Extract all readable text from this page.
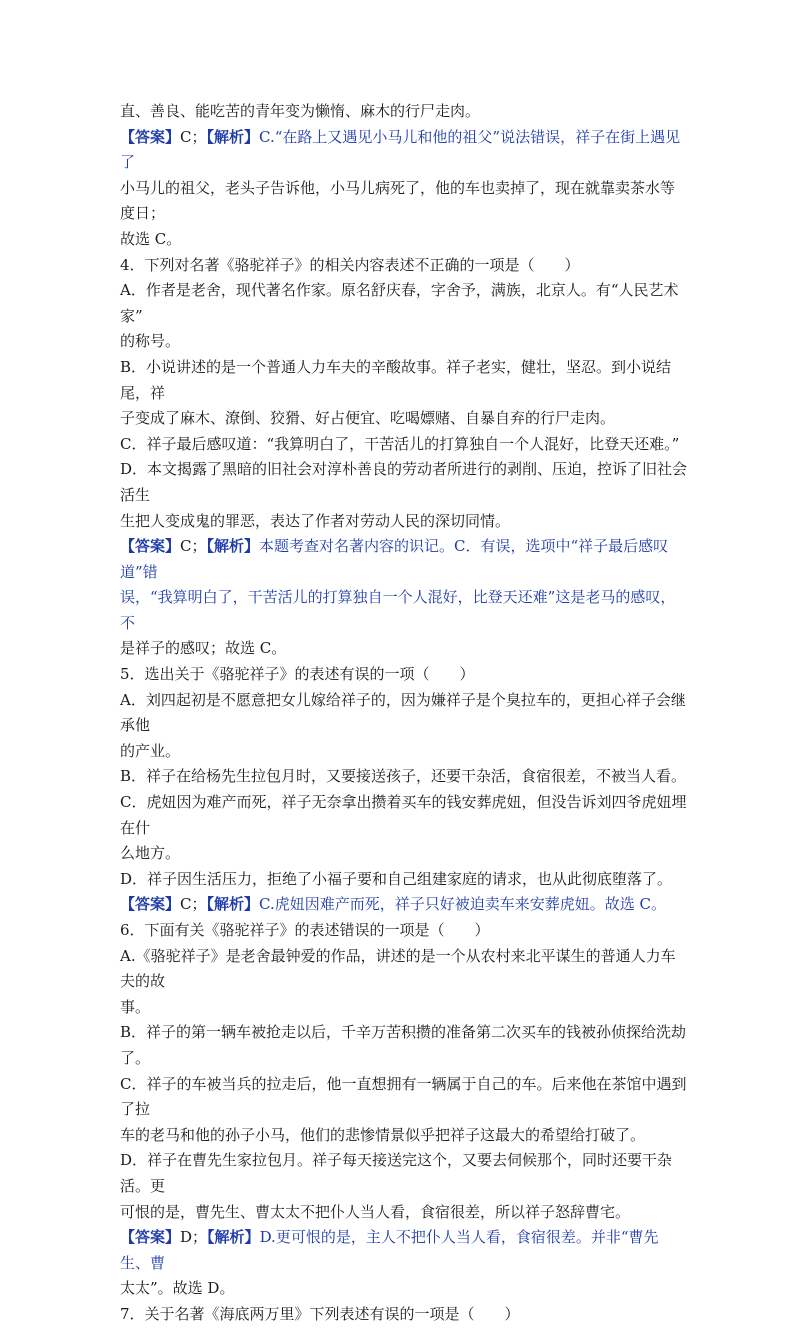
直、善良、能吃苦的青年变为懒惰、麻木的行尸走肉。
【答案】C；【解析】C.“在路上又遇见小马儿和他的祖父”说法错误，祥子在街上遇见了
小马儿的祖父，老头子告诉他，小马儿病死了，他的车也卖掉了，现在就靠卖茶水等度日；
故选 C。
4．下列对名著《骆驼祥子》的相关内容表述不正确的一项是（　　）
A．作者是老舍，现代著名作家。原名舒庆春，字舍予，满族，北京人。有“人民艺术家”
的称号。
B．小说讲述的是一个普通人力车夫的辛酸故事。祥子老实，健壮，坚忍。到小说结尾，祥
子变成了麻木、潦倒、狡猾、好占便宜、吃喝嫖赌、自暴自弃的行尸走肉。
C．祥子最后感叹道：“我算明白了，干苦活儿的打算独自一个人混好，比登天还难。”
D．本文揭露了黑暗的旧社会对淳朴善良的劳动者所进行的剥削、压迫，控诉了旧社会活生
生把人变成鬼的罪恶，表达了作者对劳动人民的深切同情。
【答案】C；【解析】本题考查对名著内容的识记。C．有误，选项中“祥子最后感叹道”错
误，“我算明白了，干苦活儿的打算独自一个人混好，比登天还难”这是老马的感叹，不
是祥子的感叹；故选 C。
5．选出关于《骆驼祥子》的表述有误的一项（　　）
A．刘四起初是不愿意把女儿嫁给祥子的，因为嫌祥子是个臭拉车的，更担心祥子会继承他
的产业。
B．祥子在给杨先生拉包月时，又要接送孩子，还要干杂活，食宿很差，不被当人看。
C．虎妞因为难产而死，祥子无奈拿出攒着买车的钱安葬虎妞，但没告诉刘四爷虎妞埋在什
么地方。
D．祥子因生活压力，拒绝了小福子要和自己组建家庭的请求，也从此彻底堕落了。
【答案】C；【解析】C.虎妞因难产而死，祥子只好被迫卖车来安葬虎妞。故选 C。
6．下面有关《骆驼祥子》的表述错误的一项是（　　）
A.《骆驼祥子》是老舍最钟爱的作品，讲述的是一个从农村来北平谋生的普通人力车夫的故
事。
B．祥子的第一辆车被抢走以后，千辛万苦积攒的准备第二次买车的钱被孙侦探给洗劫了。
C．祥子的车被当兵的拉走后，他一直想拥有一辆属于自己的车。后来他在茶馆中遇到了拉
车的老马和他的孙子小马，他们的悲惨情景似乎把祥子这最大的希望给打破了。
D．祥子在曹先生家拉包月。祥子每天接送完这个，又要去伺候那个，同时还要干杂活。更
可恨的是，曹先生、曹太太不把仆人当人看，食宿很差，所以祥子怒辞曹宅。
【答案】D；【解析】D.更可恨的是，主人不把仆人当人看，食宿很差。并非“曹先生、曹
太太”。故选 D。
7．关于名著《海底两万里》下列表述有误的一项是（　　）
